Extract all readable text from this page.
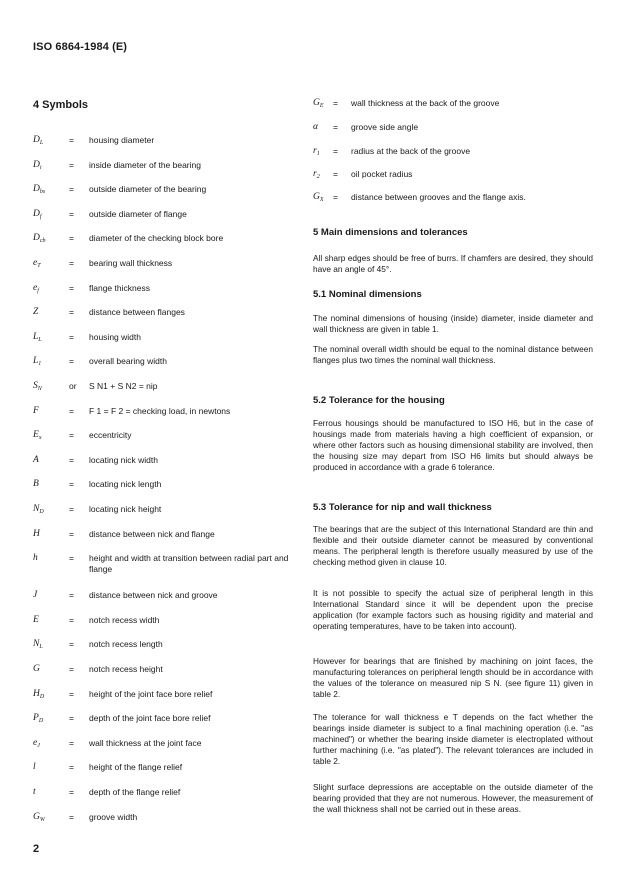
ISO 6864-1984 (E)
4 Symbols
$D_L$	=	housing diameter
$D_i$	=	inside diameter of the bearing
$D_{bs}$	=	outside diameter of the bearing
$D_f$	=	outside diameter of flange
$D_{cb}$	=	diameter of the checking block bore
$e_T$	=	bearing wall thickness
$e_f$	=	flange thickness
Z	=	distance between flanges
$L_L$	=	housing width
$L_1$	=	overall bearing width
$S_N$	or	S N1 + S N2 = nip
F	=	F 1 = F 2 = checking load, in newtons
$E_x$	=	eccentricity
A	=	locating nick width
B	=	locating nick length
$N_D$	=	locating nick height
H	=	distance between nick and flange
h	=	height and width at transition between radial part and flange
J	=	distance between nick and groove
E	=	notch recess width
$N_L$	=	notch recess length
G	=	notch recess height
$H_D$	=	height of the joint face bore relief
$P_D$	=	depth of the joint face bore relief
$e_J$	=	wall thickness at the joint face
l	=	height of the flange relief
t	=	depth of the flange relief
$G_W$	=	groove width
$G_E$	=	wall thickness at the back of the groove
α	=	groove side angle
$r_1$	=	radius at the back of the groove
$r_2$	=	oil pocket radius
$G_X$	=	distance between grooves and the flange axis.
5 Main dimensions and tolerances

All sharp edges should be free of burrs. If chamfers are desired, they should have an angle of 45°.

5.1 Nominal dimensions

The nominal dimensions of housing (inside) diameter, inside diameter and wall thickness are given in table 1.

The nominal overall width should be equal to the nominal distance between flanges plus two times the nominal wall thickness.

5.2 Tolerance for the housing

Ferrous housings should be manufactured to ISO H6, but in the case of housings made from materials having a high coefficient of expansion, or where other factors such as housing dimensional stability are involved, then the housing size may depart from ISO H6 limits but should always be produced in accordance with a grade 6 tolerance.

5.3 Tolerance for nip and wall thickness

The bearings that are the subject of this International Standard are thin and flexible and their outside diameter cannot be measured by conventional means. The peripheral length is therefore usually measured by use of the checking method given in clause 10.

It is not possible to specify the actual size of peripheral length in this International Standard since it will be dependent upon the precise application (for example factors such as housing rigidity and material and operating temperatures, have to be taken into account).

However for bearings that are finished by machining on joint faces, the manufacturing tolerances on peripheral length should be in accordance with the values of the tolerance on measured nip S N. (see figure 11) given in table 2.

The tolerance for wall thickness e T depends on the fact whether the bearings inside diameter is subject to a final machining operation (i.e. "as machined") or whether the bearing inside diameter is electroplated without further machining (i.e. "as plated"). The relevant tolerances are included in table 2.

Slight surface depressions are acceptable on the outside diameter of the bearing provided that they are not numerous. However, the measurement of the wall thickness shall not be carried out in these areas.

2
